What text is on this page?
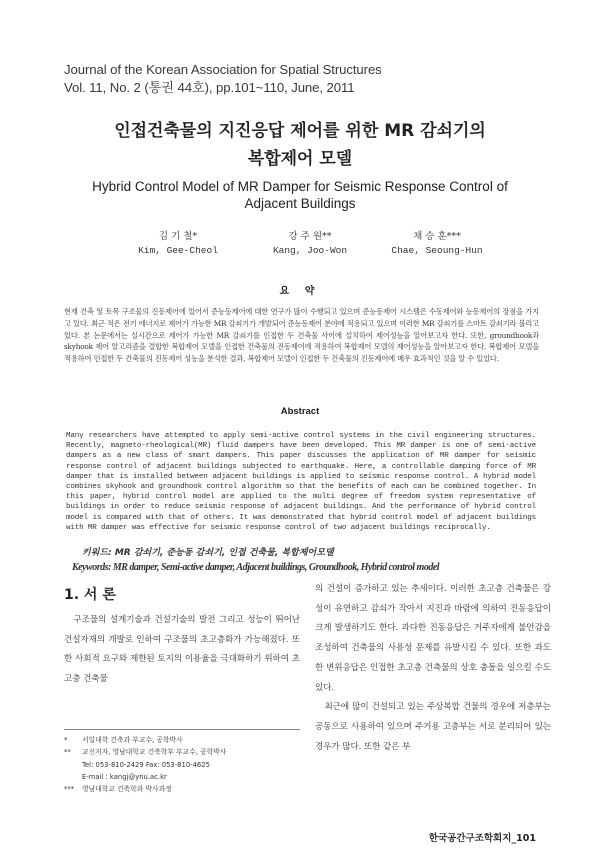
Journal of the Korean Association for Spatial Structures
Vol. 11, No. 2 (통권 44호), pp.101~110, June, 2011
인접건축물의 지진응답 제어를 위한 MR 감쇠기의
복합제어 모델
Hybrid Control Model of MR Damper for Seismic Response Control of
Adjacent Buildings
김 기 철*
Kim, Gee-Cheol
강 주 원**
Kang, Joo-Won
채 승 훈***
Chae, Seoung-Hun
요 약
현재 건축 및 토목 구조물의 진동제어에 있어서 준능동제어에 대한 연구가 많이 수행되고 있으며 준능동제어 시스템은 수동제어와 능동제어의 장점을 가지고 있다. 최근 적은 전기 에너지로 제어가 가능한 MR 감쇠기가 개발되어 준능동제어 분야에 적용되고 있으며 이러한 MR 감쇠기를 스마트 감쇠기라 불리고 있다. 본 논문에서는 실시간으로 제어가 가능한 MR 감쇠기를 인접한 두 건축물 사이에 설치하여 제어성능을 알아보고자 한다. 또한, groundhook과 skyhook 제어 알고리즘을 결합한 복합제어 모델을 인접한 건축물의 진동제어에 적용하여 복합제어 모델의 제어성능을 알아보고자 한다. 복합제어 모델을 적용하여 인접한 두 건축물의 진동제어 성능을 분석한 결과, 복합제어 모델이 인접한 두 건축물의 진동제어에 매우 효과적인 것을 알 수 있었다.
Abstract
Many researchers have attempted to apply semi-active control systems in the civil engineering structures. Recently, magneto-rheological(MR) fluid dampers have been developed. This MR damper is one of semi-active dampers as a new class of smart dampers. This paper discusses the application of MR damper for seismic response control of adjacent buildings subjected to earthquake. Here, a controllable damping force of MR damper that is installed between adjacent buildings is applied to seismic response control. A hybrid model combines skyhook and groundhook control algorithm so that the benefits of each can be combined together. In this paper, hybrid control model are applied to the multi degree of freedom system representative of buildings in order to reduce seismic response of adjacent buildings. And the performance of hybrid control model is compared with that of others. It was demonstrated that hybrid control model of adjacent buildings with MR damper was effective for seismic response control of two adjacent buildings reciprocally.
키워드: MR 감쇠기, 준능동 감쇠기, 인접 건축물, 복합제어모델
Keywords: MR damper, Semi-active damper, Adjacent buildings, Groundhook, Hybrid control model
1. 서 론
구조물의 설계기술과 건설기술의 발전 그리고 성능이 뛰어난 건설자재의 개발로 인하여 구조물의 초고층화가 가능해졌다. 또한 사회적 요구와 제한된 토지의 이용율을 극대화하기 위하여 초고층 건축물
의 건설이 증가하고 있는 추세이다. 이러한 초고층 건축물은 강성이 유연하고 감쇠가 작아서 지진과 바람에 의하여 진동응답이 크게 발생하기도 한다. 과다한 진동응답은 거주자에게 불안감을 조성하여 건축물의 사용성 문제를 유발시킬 수 있다. 또한 과도한 변위응답은 인접한 초고층 건축물의 상호 충돌을 일으킬 수도 있다.
최근에 많이 건설되고 있는 주상복합 건물의 경우에 저층부는 공동으로 사용하여 있으며 주거용 고층부는 서로 분리되어 있는 경우가 많다. 또한 같은 부
*	서일대학 건축과 부교수, 공학박사
**	교신저자, 영남대학교 건축학부 부교수, 공학박사
Tel: 053-810-2429 Fax: 053-810-4625
E-mail : kangj@ynu.ac.kr
***	영남대학교 건축학과 박사과정
한국공간구조학회지_101
